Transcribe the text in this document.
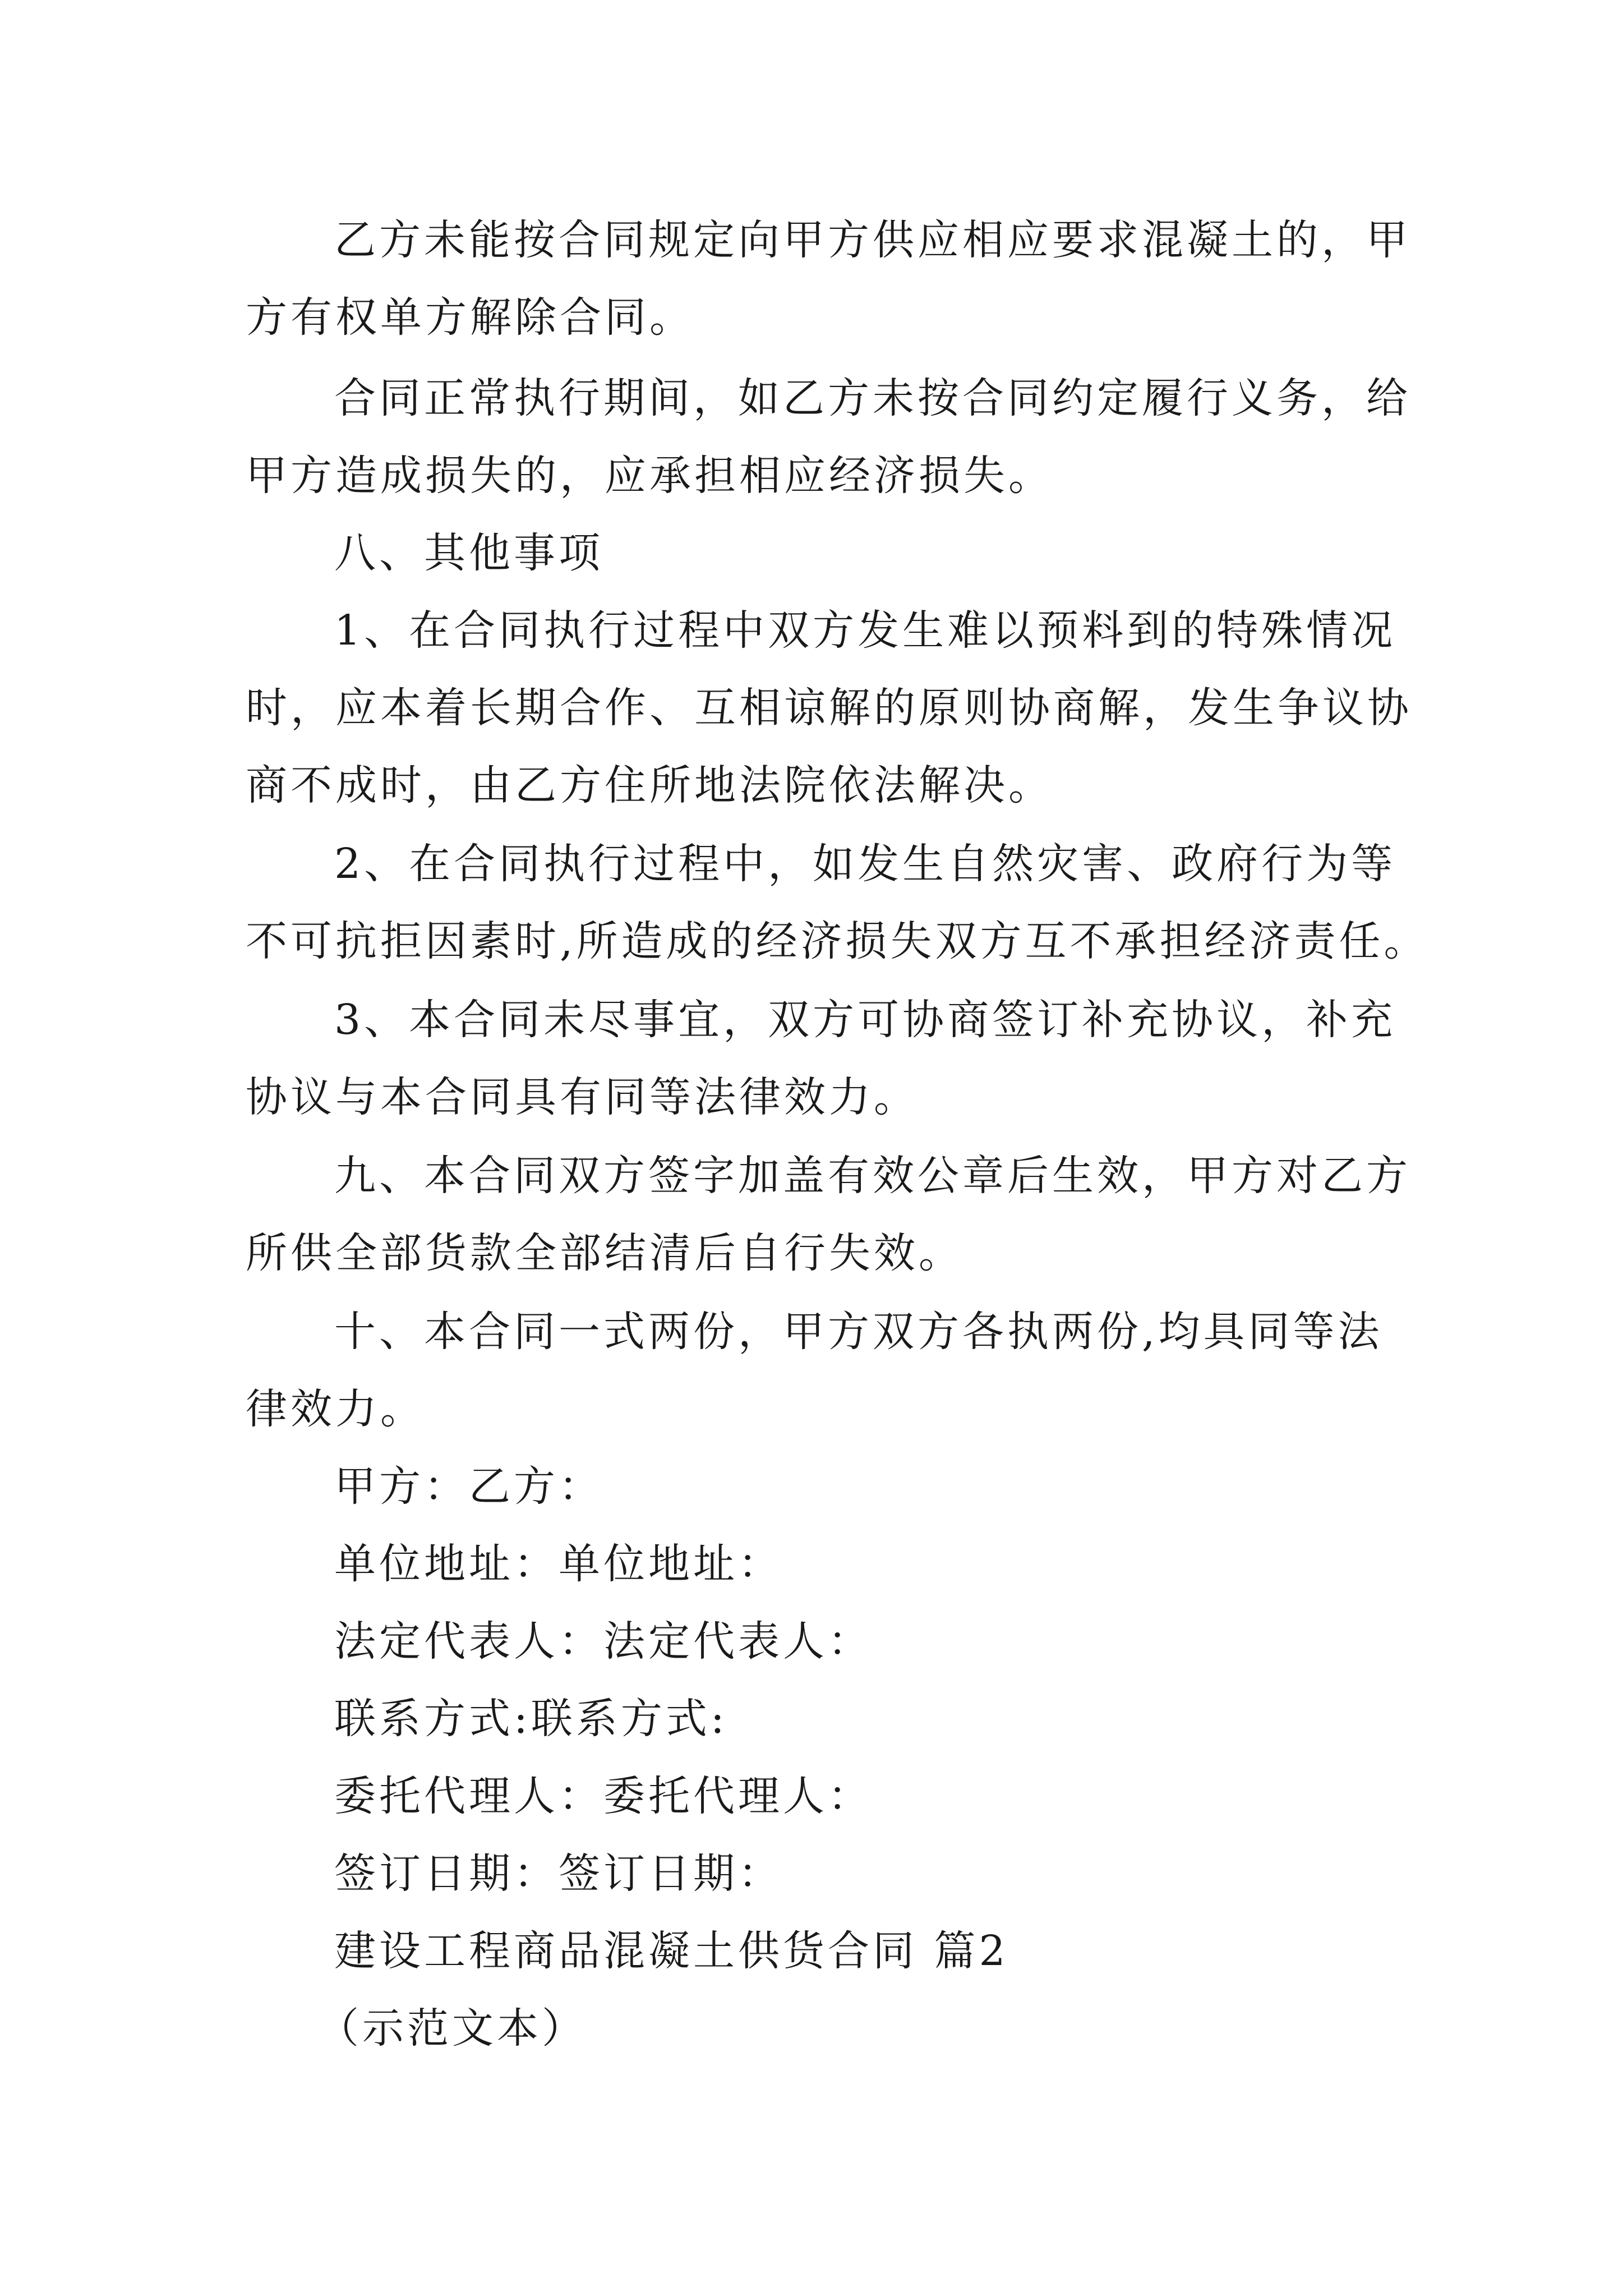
乙方未能按合同规定向甲方供应相应要求混凝土的，甲
方有权单方解除合同。
合同正常执行期间，如乙方未按合同约定履行义务，给
甲方造成损失的，应承担相应经济损失。
八、其他事项
1、在合同执行过程中双方发生难以预料到的特殊情况
时，应本着长期合作、互相谅解的原则协商解，发生争议协
商不成时，由乙方住所地法院依法解决。
2、在合同执行过程中，如发生自然灾害、政府行为等
不可抗拒因素时,所造成的经济损失双方互不承担经济责任。
3、本合同未尽事宜，双方可协商签订补充协议，补充
协议与本合同具有同等法律效力。
九、本合同双方签字加盖有效公章后生效，甲方对乙方
所供全部货款全部结清后自行失效。
十、本合同一式两份，甲方双方各执两份,均具同等法
律效力。
甲方：乙方：
单位地址：单位地址：
法定代表人：法定代表人：
联系方式:联系方式:
委托代理人：委托代理人：
签订日期：签订日期：
建设工程商品混凝土供货合同 篇2
（示范文本）
